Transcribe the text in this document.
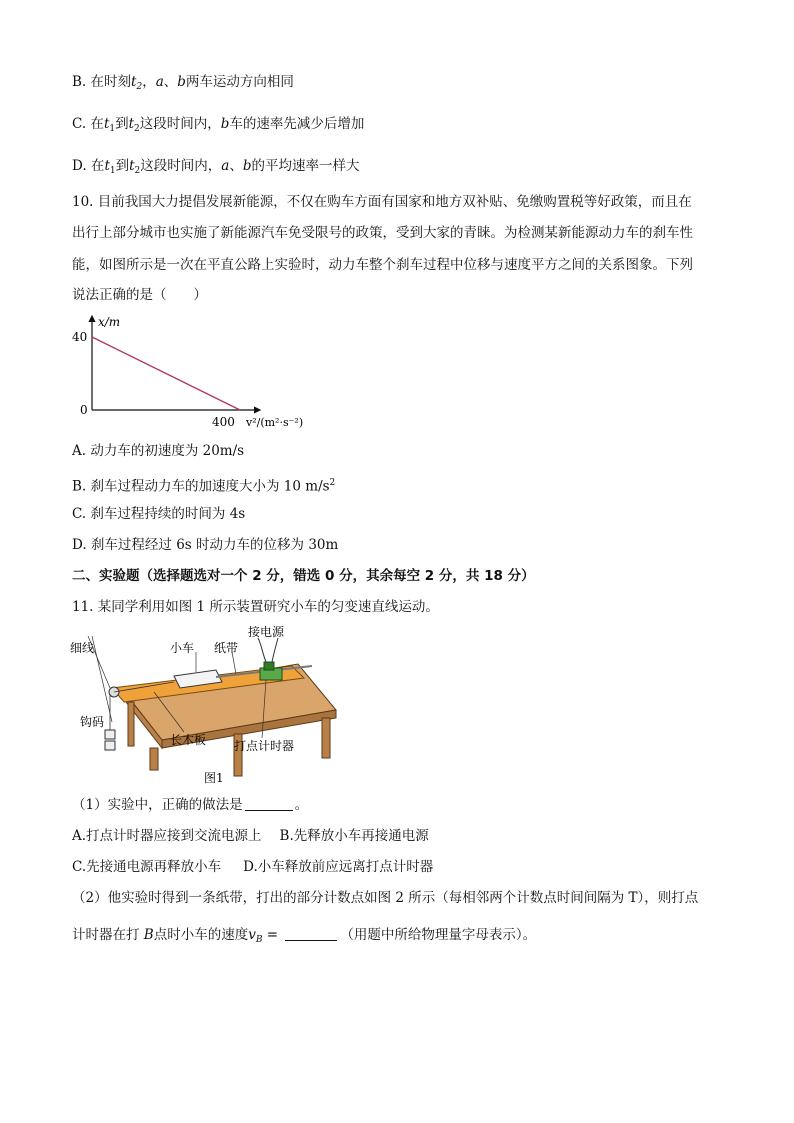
B. 在时刻$t_2$，a、b两车运动方向相同
C. 在$t_1$到$t_2$这段时间内，b车的速率先减少后增加
D. 在$t_1$到$t_2$这段时间内，a、b的平均速率一样大
10. 目前我国大力提倡发展新能源，不仅在购车方面有国家和地方双补贴、免缴购置税等好政策，而且在
出行上部分城市也实施了新能源汽车免受限号的政策，受到大家的青睐。为检测某新能源动力车的刹车性
能，如图所示是一次在平直公路上实验时，动力车整个刹车过程中位移与速度平方之间的关系图象。下列
说法正确的是（　　）
x/m
v²/(m²·s⁻²)
40
400
0
A. 动力车的初速度为 20m/s
B. 刹车过程动力车的加速度大小为 10 $m/s^2$
C. 刹车过程持续的时间为 4s
D. 刹车过程经过 6s 时动力车的位移为 30m
二、实验题（选择题选对一个 2 分，错选 0 分，其余每空 2 分，共 18 分）
11. 某同学利用如图 1 所示装置研究小车的匀变速直线运动。
接电源
小车 纸带
细线
钩码
长木板 打点计时器
图1
（1）实验中，正确的做法是	。
A.打点计时器应接到交流电源上 B.先释放小车再接通电源
C.先接通电源再释放小车 D.小车释放前应远离打点计时器
（2）他实验时得到一条纸带，打出的部分计数点如图 2 所示（每相邻两个计数点时间间隔为 T），则打点
计时器在打 B点时小车的速度$v_B$ =	（用题中所给物理量字母表示）。
